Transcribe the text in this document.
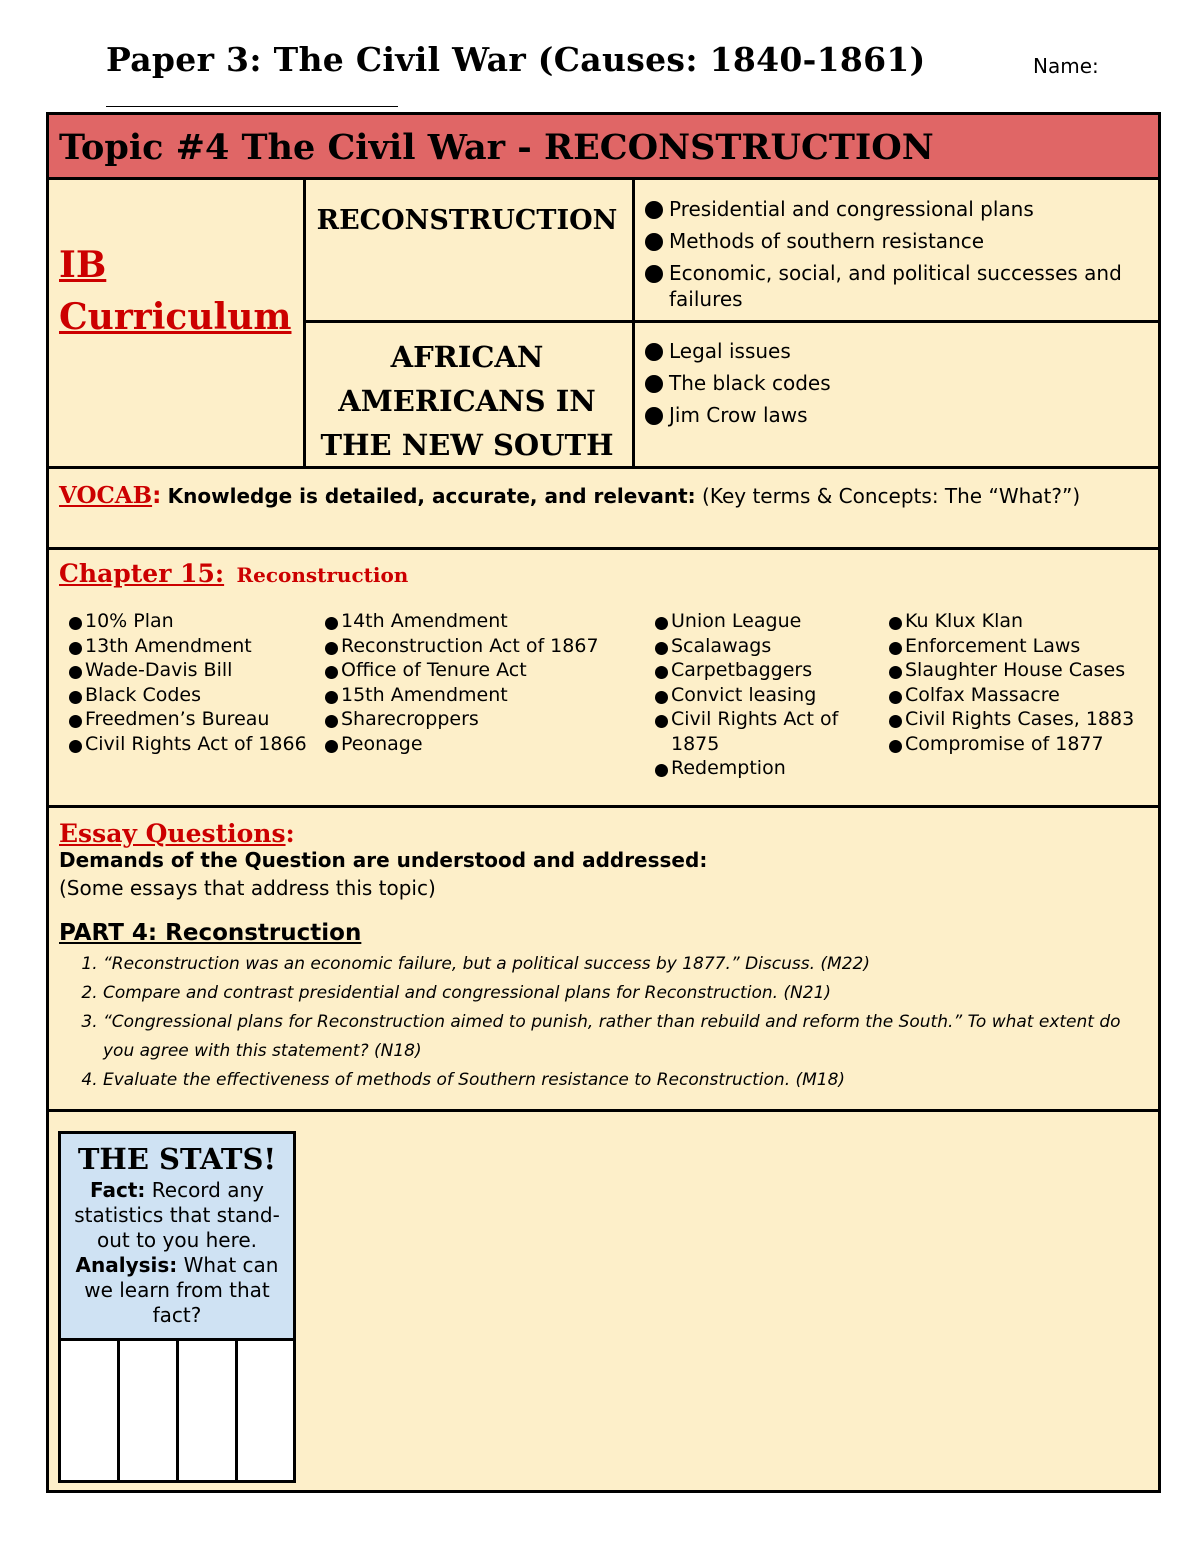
Paper 3: The Civil War (Causes: 1840-1861)	Name:
Topic #4 The Civil War - RECONSTRUCTION
IB Curriculum
RECONSTRUCTION	Presidential and congressional plans
Methods of southern resistance
Economic, social, and political successes and failures
AFRICAN AMERICANS IN THE NEW SOUTH
Legal issues
The black codes
Jim Crow laws
VOCAB: Knowledge is detailed, accurate, and relevant: (Key terms & Concepts: The “What?”)
Chapter 15: Reconstruction
10% Plan
13th Amendment
Wade-Davis Bill
Black Codes
Freedmen’s Bureau
Civil Rights Act of 1866
14th Amendment
Reconstruction Act of 1867
Office of Tenure Act
15th Amendment
Sharecroppers
Peonage
Union League
Scalawags
Carpetbaggers
Convict leasing
Civil Rights Act of 1875
Redemption
Ku Klux Klan
Enforcement Laws
Slaughter House Cases
Colfax Massacre
Civil Rights Cases, 1883
Compromise of 1877
Essay Questions:
Demands of the Question are understood and addressed:
(Some essays that address this topic)
PART 4: Reconstruction
1. “Reconstruction was an economic failure, but a political success by 1877.” Discuss. (M22)
2. Compare and contrast presidential and congressional plans for Reconstruction. (N21)
3. “Congressional plans for Reconstruction aimed to punish, rather than rebuild and reform the South.” To what extent do you agree with this statement? (N18)
4. Evaluate the effectiveness of methods of Southern resistance to Reconstruction. (M18)
THE STATS!
Fact: Record any statistics that stand-out to you here. Analysis: What can we learn from that fact?
